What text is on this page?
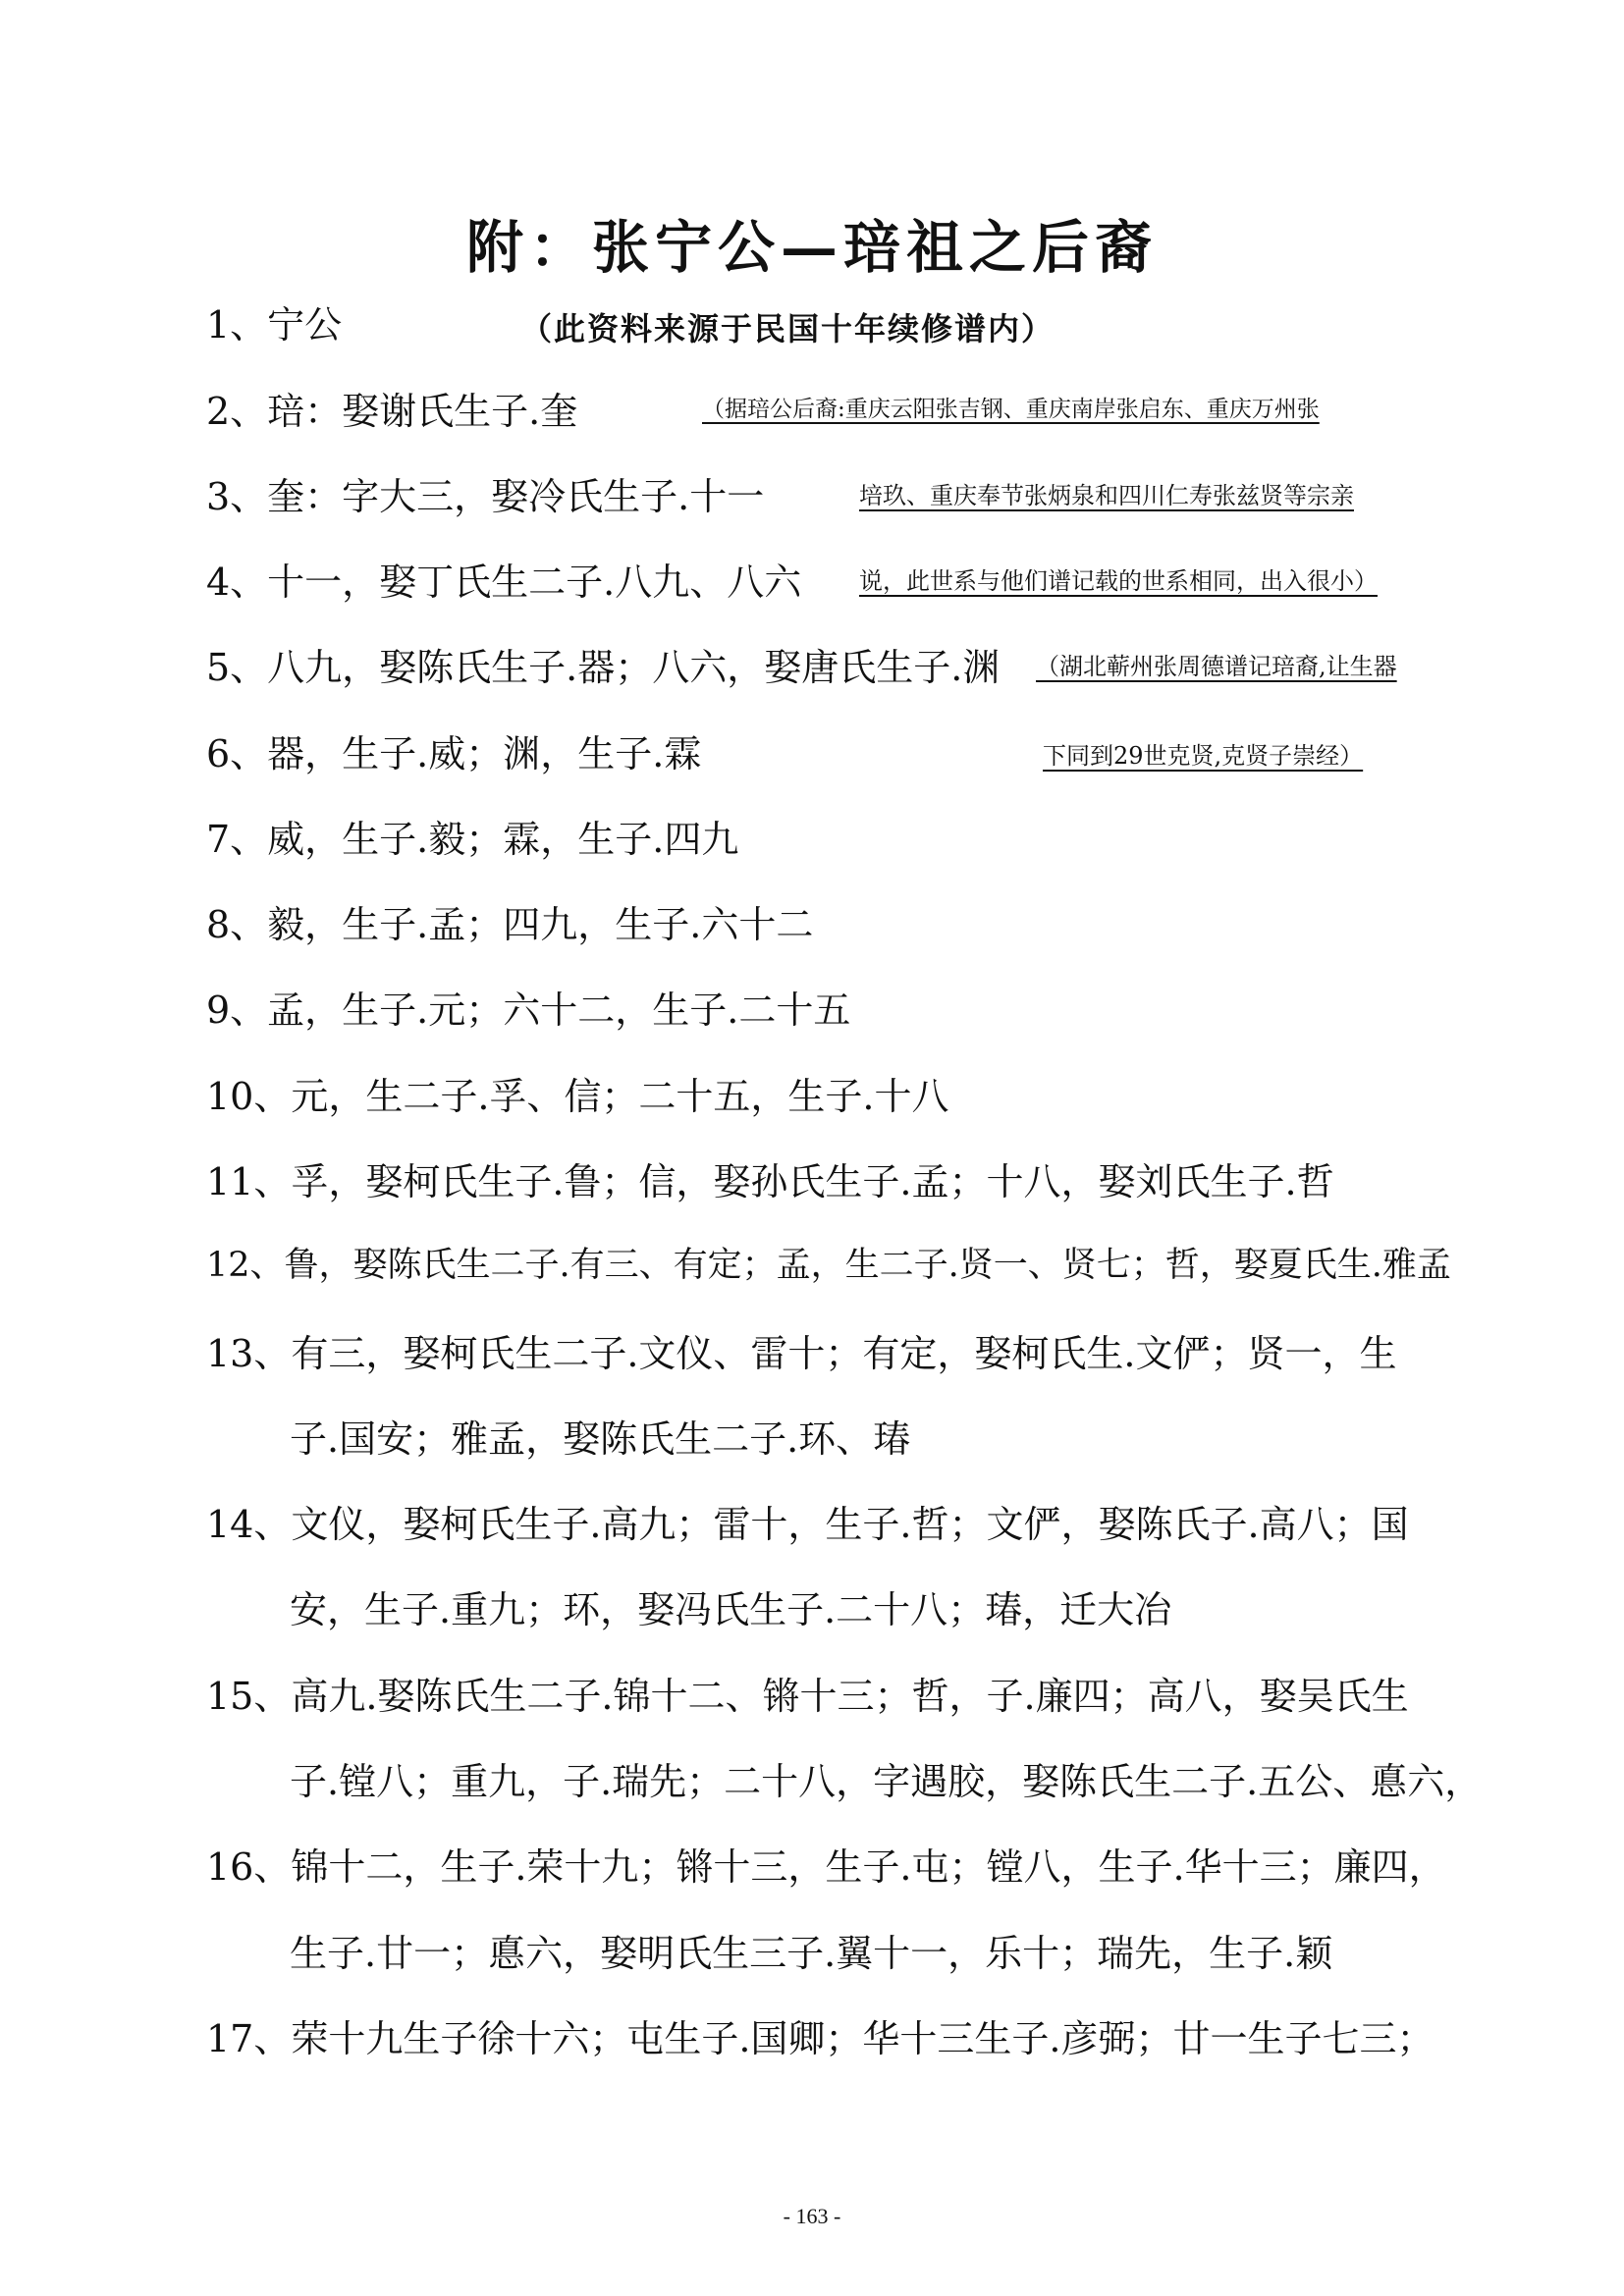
附：张宁公—琣祖之后裔
（此资料来源于民国十年续修谱内）
（据琣公后裔:重庆云阳张吉钢、重庆南岸张启东、重庆万州张
培玖、重庆奉节张炳泉和四川仁寿张兹贤等宗亲
说，此世系与他们谱记载的世系相同，出入很小）
（湖北蕲州张周德谱记琣裔,让生器
下同到29世克贤,克贤子崇经）
1、宁公
2、琣：娶谢氏生子.奎
3、奎：字大三，娶冷氏生子.十一
4、十一，娶丁氏生二子.八九、八六
5、八九，娶陈氏生子.器；八六，娶唐氏生子.渊
6、器，生子.威；渊，生子.霖
7、威，生子.毅；霖，生子.四九
8、毅，生子.孟；四九，生子.六十二
9、孟，生子.元；六十二，生子.二十五
10、元，生二子.孚、信；二十五，生子.十八
11、孚，娶柯氏生子.鲁；信，娶孙氏生子.孟；十八，娶刘氏生子.哲
12、鲁，娶陈氏生二子.有三、有定；孟，生二子.贤一、贤七；哲，娶夏氏生.雅孟
13、有三，娶柯氏生二子.文仪、雷十；有定，娶柯氏生.文俨；贤一，生
子.国安；雅孟，娶陈氏生二子.环、瑃
14、文仪，娶柯氏生子.高九；雷十，生子.哲；文俨，娶陈氏子.高八；国
安，生子.重九；环，娶冯氏生子.二十八；瑃，迁大冶
15、高九.娶陈氏生二子.锦十二、锵十三；哲，子.廉四；高八，娶吴氏生
子.镗八；重九，子.瑞先；二十八，字遇胶，娶陈氏生二子.五公、悳六，
16、锦十二，生子.荣十九；锵十三，生子.屯；镗八，生子.华十三；廉四，
生子.廿一；悳六，娶明氏生三子.翼十一，乐十；瑞先，生子.颖
17、荣十九生子徐十六；屯生子.国卿；华十三生子.彦弼；廿一生子七三；
- 163 -
